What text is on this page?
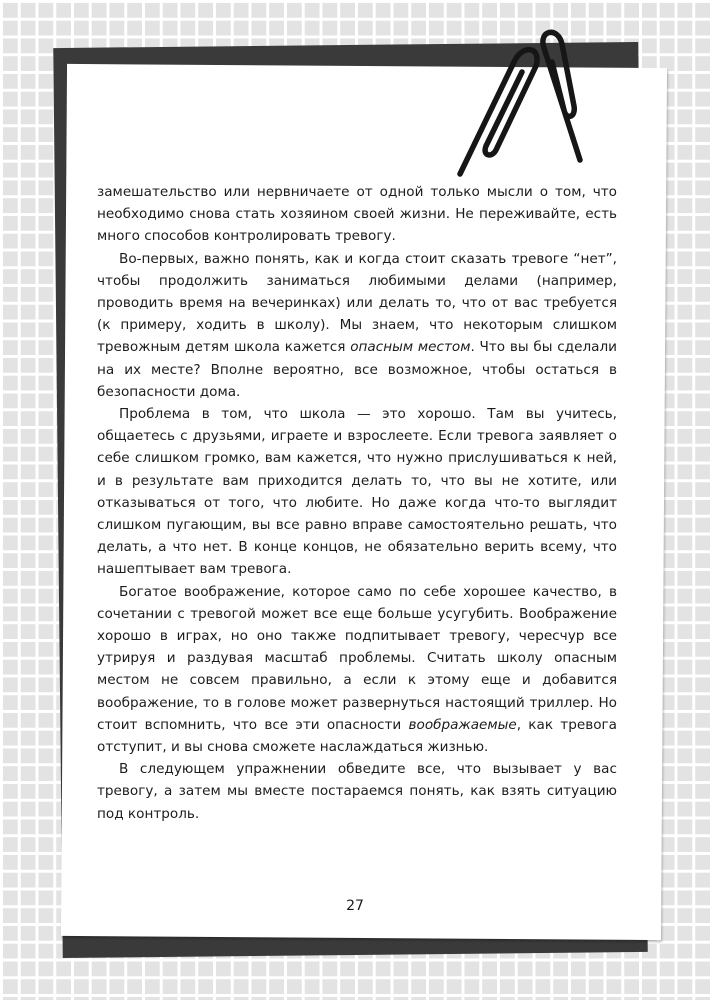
замешательство или нервничаете от одной только мысли о том, что необходимо снова стать хозяином своей жизни. Не переживайте, есть много способов контролировать тревогу.

Во-первых, важно понять, как и когда стоит сказать тревоге “нет”, чтобы продолжить заниматься любимыми делами (например, проводить время на вечеринках) или делать то, что от вас требуется (к примеру, ходить в школу). Мы знаем, что некоторым слишком тревожным детям школа кажется опасным местом. Что вы бы сделали на их месте? Вполне вероятно, все возможное, чтобы остаться в безопасности дома.

Проблема в том, что школа — это хорошо. Там вы учитесь, общаетесь с друзьями, играете и взрослеете. Если тревога заявляет о себе слишком громко, вам кажется, что нужно прислушиваться к ней, и в результате вам приходится делать то, что вы не хотите, или отказываться от того, что любите. Но даже когда что-то выглядит слишком пугающим, вы все равно вправе самостоятельно решать, что делать, а что нет. В конце концов, не обязательно верить всему, что нашептывает вам тревога.

Богатое воображение, которое само по себе хорошее качество, в сочетании с тревогой может все еще больше усугубить. Воображение хорошо в играх, но оно также подпитывает тревогу, чересчур все утрируя и раздувая масштаб проблемы. Считать школу опасным местом не совсем правильно, а если к этому еще и добавится воображение, то в голове может развернуться настоящий триллер. Но стоит вспомнить, что все эти опасности воображаемые, как тревога отступит, и вы снова сможете наслаждаться жизнью.

В следующем упражнении обведите все, что вызывает у вас тревогу, а затем мы вместе постараемся понять, как взять ситуацию под контроль.

27
